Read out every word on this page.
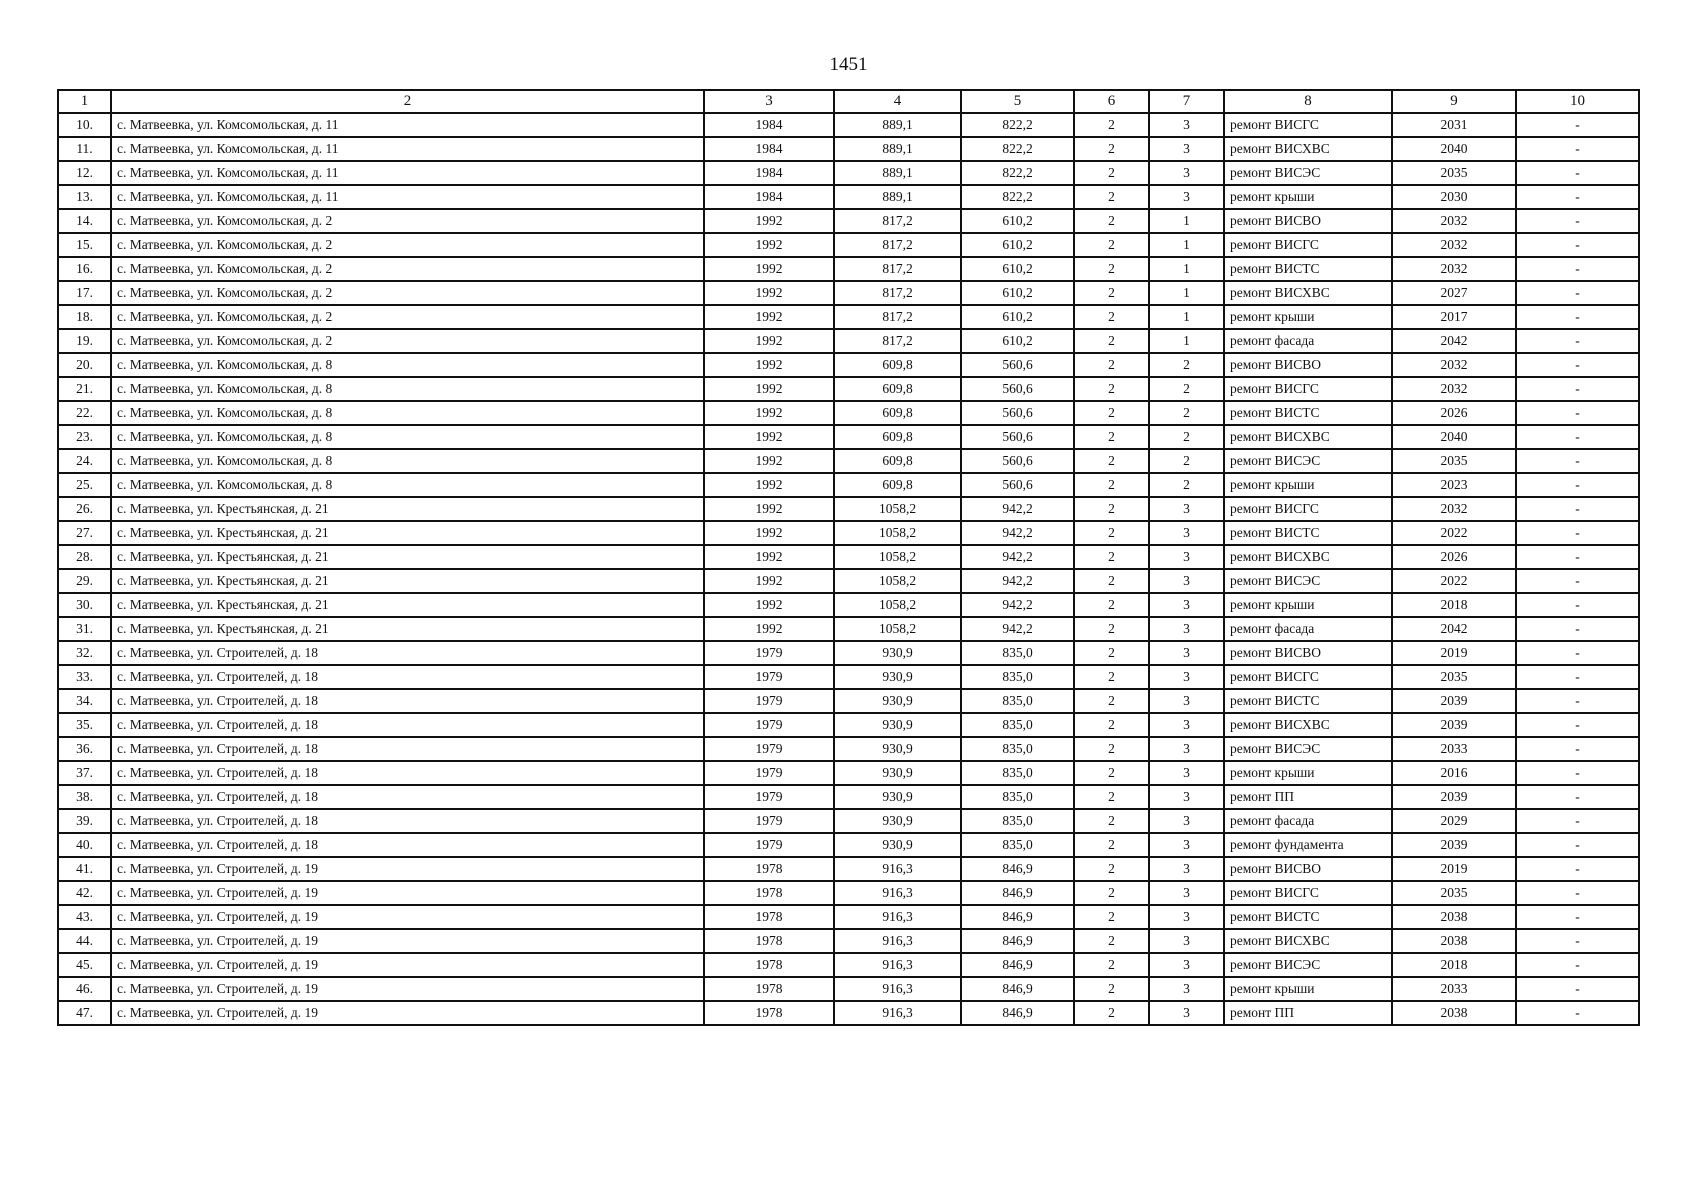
1451
1	2	3	4	5	6	7	8	9	10
10.	с. Матвеевка, ул. Комсомольская, д. 11	1984	889,1	822,2	2	3	ремонт ВИСГС	2031	-
11.	с. Матвеевка, ул. Комсомольская, д. 11	1984	889,1	822,2	2	3	ремонт ВИСХВС	2040	-
12.	с. Матвеевка, ул. Комсомольская, д. 11	1984	889,1	822,2	2	3	ремонт ВИСЭС	2035	-
13.	с. Матвеевка, ул. Комсомольская, д. 11	1984	889,1	822,2	2	3	ремонт крыши	2030	-
14.	с. Матвеевка, ул. Комсомольская, д. 2	1992	817,2	610,2	2	1	ремонт ВИСВО	2032	-
15.	с. Матвеевка, ул. Комсомольская, д. 2	1992	817,2	610,2	2	1	ремонт ВИСГС	2032	-
16.	с. Матвеевка, ул. Комсомольская, д. 2	1992	817,2	610,2	2	1	ремонт ВИСТС	2032	-
17.	с. Матвеевка, ул. Комсомольская, д. 2	1992	817,2	610,2	2	1	ремонт ВИСХВС	2027	-
18.	с. Матвеевка, ул. Комсомольская, д. 2	1992	817,2	610,2	2	1	ремонт крыши	2017	-
19.	с. Матвеевка, ул. Комсомольская, д. 2	1992	817,2	610,2	2	1	ремонт фасада	2042	-
20.	с. Матвеевка, ул. Комсомольская, д. 8	1992	609,8	560,6	2	2	ремонт ВИСВО	2032	-
21.	с. Матвеевка, ул. Комсомольская, д. 8	1992	609,8	560,6	2	2	ремонт ВИСГС	2032	-
22.	с. Матвеевка, ул. Комсомольская, д. 8	1992	609,8	560,6	2	2	ремонт ВИСТС	2026	-
23.	с. Матвеевка, ул. Комсомольская, д. 8	1992	609,8	560,6	2	2	ремонт ВИСХВС	2040	-
24.	с. Матвеевка, ул. Комсомольская, д. 8	1992	609,8	560,6	2	2	ремонт ВИСЭС	2035	-
25.	с. Матвеевка, ул. Комсомольская, д. 8	1992	609,8	560,6	2	2	ремонт крыши	2023	-
26.	с. Матвеевка, ул. Крестьянская, д. 21	1992	1058,2	942,2	2	3	ремонт ВИСГС	2032	-
27.	с. Матвеевка, ул. Крестьянская, д. 21	1992	1058,2	942,2	2	3	ремонт ВИСТС	2022	-
28.	с. Матвеевка, ул. Крестьянская, д. 21	1992	1058,2	942,2	2	3	ремонт ВИСХВС	2026	-
29.	с. Матвеевка, ул. Крестьянская, д. 21	1992	1058,2	942,2	2	3	ремонт ВИСЭС	2022	-
30.	с. Матвеевка, ул. Крестьянская, д. 21	1992	1058,2	942,2	2	3	ремонт крыши	2018	-
31.	с. Матвеевка, ул. Крестьянская, д. 21	1992	1058,2	942,2	2	3	ремонт фасада	2042	-
32.	с. Матвеевка, ул. Строителей, д. 18	1979	930,9	835,0	2	3	ремонт ВИСВО	2019	-
33.	с. Матвеевка, ул. Строителей, д. 18	1979	930,9	835,0	2	3	ремонт ВИСГС	2035	-
34.	с. Матвеевка, ул. Строителей, д. 18	1979	930,9	835,0	2	3	ремонт ВИСТС	2039	-
35.	с. Матвеевка, ул. Строителей, д. 18	1979	930,9	835,0	2	3	ремонт ВИСХВС	2039	-
36.	с. Матвеевка, ул. Строителей, д. 18	1979	930,9	835,0	2	3	ремонт ВИСЭС	2033	-
37.	с. Матвеевка, ул. Строителей, д. 18	1979	930,9	835,0	2	3	ремонт крыши	2016	-
38.	с. Матвеевка, ул. Строителей, д. 18	1979	930,9	835,0	2	3	ремонт ПП	2039	-
39.	с. Матвеевка, ул. Строителей, д. 18	1979	930,9	835,0	2	3	ремонт фасада	2029	-
40.	с. Матвеевка, ул. Строителей, д. 18	1979	930,9	835,0	2	3	ремонт фундамента	2039	-
41.	с. Матвеевка, ул. Строителей, д. 19	1978	916,3	846,9	2	3	ремонт ВИСВО	2019	-
42.	с. Матвеевка, ул. Строителей, д. 19	1978	916,3	846,9	2	3	ремонт ВИСГС	2035	-
43.	с. Матвеевка, ул. Строителей, д. 19	1978	916,3	846,9	2	3	ремонт ВИСТС	2038	-
44.	с. Матвеевка, ул. Строителей, д. 19	1978	916,3	846,9	2	3	ремонт ВИСХВС	2038	-
45.	с. Матвеевка, ул. Строителей, д. 19	1978	916,3	846,9	2	3	ремонт ВИСЭС	2018	-
46.	с. Матвеевка, ул. Строителей, д. 19	1978	916,3	846,9	2	3	ремонт крыши	2033	-
47.	с. Матвеевка, ул. Строителей, д. 19	1978	916,3	846,9	2	3	ремонт ПП	2038	-
